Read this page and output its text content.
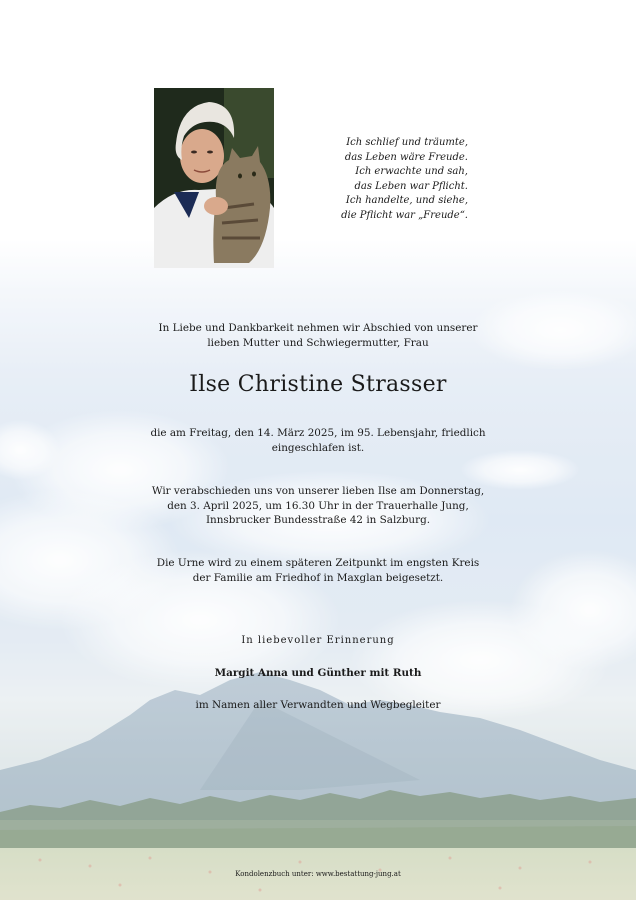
Ich schlief und träumte,
das Leben wäre Freude.
Ich erwachte und sah,
das Leben war Pflicht.
Ich handelte, und siehe,
die Pflicht war „Freude“.
In Liebe und Dankbarkeit nehmen wir Abschied von unserer
lieben Mutter und Schwiegermutter, Frau
Ilse Christine Strasser
die am Freitag, den 14. März 2025, im 95. Lebensjahr, friedlich
eingeschlafen ist.
Wir verabschieden uns von unserer lieben Ilse am Donnerstag,
den 3. April 2025, um 16.30 Uhr in der Trauerhalle Jung,
Innsbrucker Bundesstraße 42 in Salzburg.
Die Urne wird zu einem späteren Zeitpunkt im engsten Kreis
der Familie am Friedhof in Maxglan beigesetzt.
In liebevoller Erinnerung
Margit Anna und Günther mit Ruth
im Namen aller Verwandten und Wegbegleiter
Kondolenzbuch unter: www.bestattung-jung.at
